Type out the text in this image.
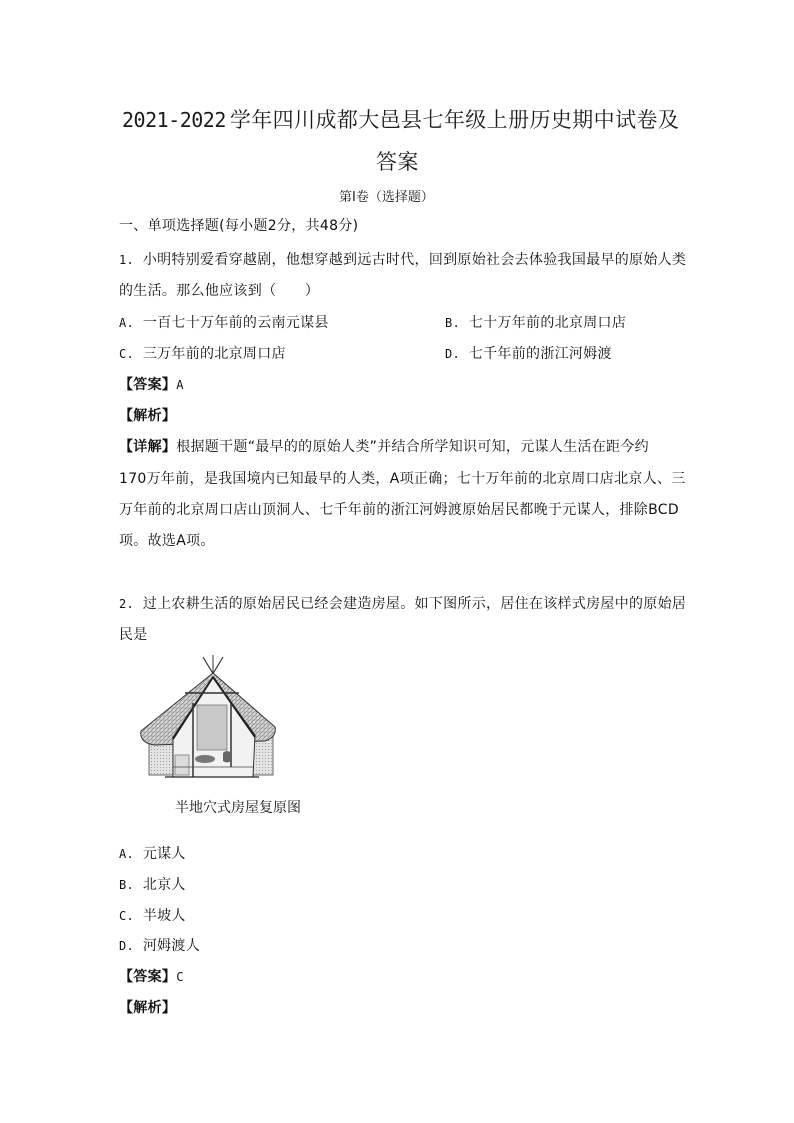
2021-2022 学年四川成都大邑县七年级上册历史期中试卷及
答案
第Ⅰ卷（选择题）
一、单项选择题(每小题2分，共48分)
1. 小明特别爱看穿越剧，他想穿越到远古时代，回到原始社会去体验我国最早的原始人类
的生活。那么他应该到（　　）
A. 一百七十万年前的云南元谋县	B. 七十万年前的北京周口店
C. 三万年前的北京周口店	D. 七千年前的浙江河姆渡
【答案】A
【解析】
【详解】根据题干题“最早的的原始人类”并结合所学知识可知，元谋人生活在距今约
170万年前，是我国境内已知最早的人类，A项正确；七十万年前的北京周口店北京人、三
万年前的北京周口店山顶洞人、七千年前的浙江河姆渡原始居民都晚于元谋人，排除BCD
项。故选A项。
2. 过上农耕生活的原始居民已经会建造房屋。如下图所示，居住在该样式房屋中的原始居
民是
半地穴式房屋复原图
A. 元谋人
B. 北京人
C. 半坡人
D. 河姆渡人
【答案】C
【解析】
